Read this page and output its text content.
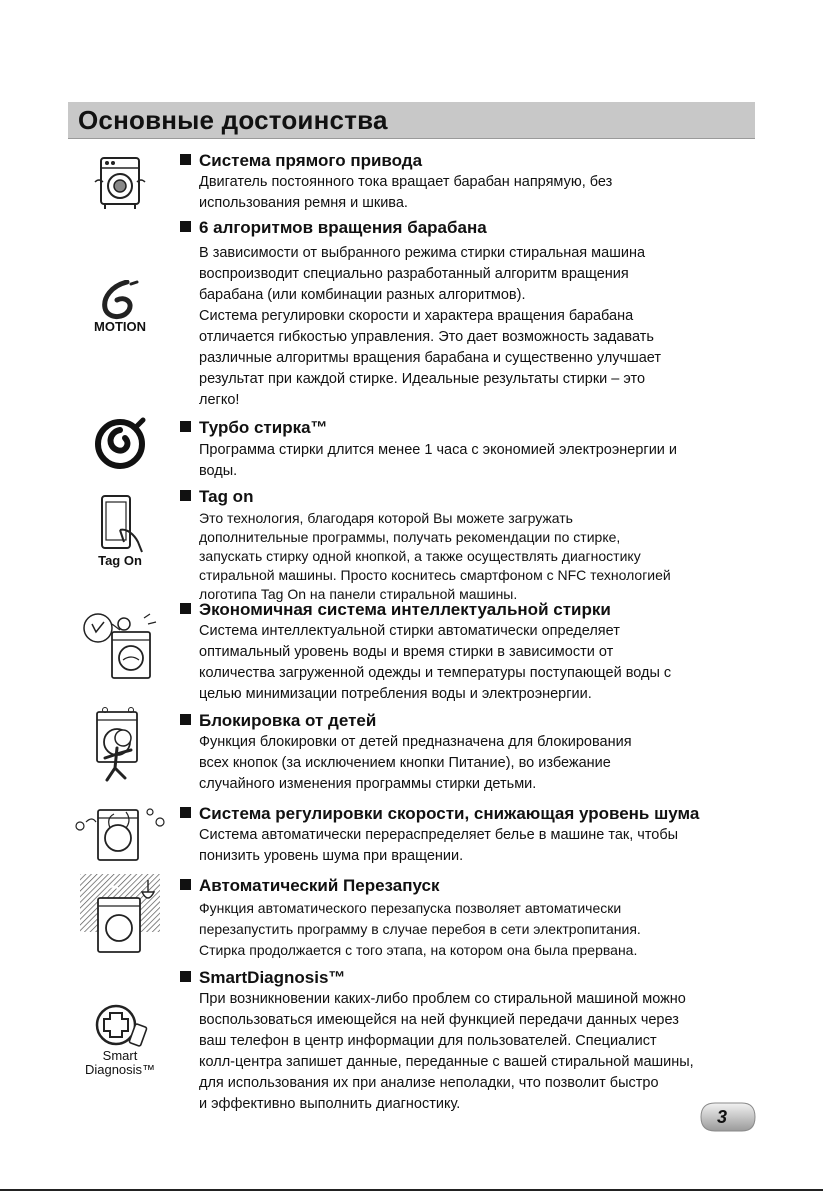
Основные достоинства

Система прямого привода

Двигатель постоянного тока вращает барабан напрямую, без
использования ремня и шкива.

6 алгоритмов вращения барабана

MOTION

В зависимости от выбранного режима стирки стиральная машина
воспроизводит специально разработанный алгоритм вращения
барабана (или комбинации разных алгоритмов).
Система регулировки скорости и характера вращения барабана
отличается гибкостью управления. Это дает возможность задавать
различные алгоритмы вращения барабана и существенно улучшает
результат при каждой стирке. Идеальные результаты стирки – это
легко!

Турбо стирка™

Программа стирки длится менее 1 часа с экономией электроэнергии и
воды.

Tag On

Tag on

Это технология, благодаря которой Вы можете загружать
дополнительные программы, получать рекомендации по стирке,
запускать стирку одной кнопкой, а также осуществлять диагностику
стиральной машины. Просто коснитесь смартфоном с NFC технологией
логотипа Tag On на панели стиральной машины.

Экономичная система интеллектуальной стирки

Система интеллектуальной стирки автоматически определяет
оптимальный уровень воды и время стирки в зависимости от
количества загруженной одежды и температуры поступающей воды с
целью минимизации потребления воды и электроэнергии.

Блокировка от детей

Функция блокировки от детей предназначена для блокирования
всех кнопок (за исключением кнопки Питание), во избежание
случайного изменения программы стирки детьми.

Система регулировки скорости, снижающая уровень шума

Система автоматически перераспределяет белье в машине так, чтобы
понизить уровень шума при вращении.

Автоматический Перезапуск

Функция автоматического перезапуска позволяет автоматически
перезапустить программу в случае перебоя в сети электропитания.
Стирка продолжается с того этапа, на котором она была прервана.

Smart
Diagnosis™

SmartDiagnosis™

При возникновении каких-либо проблем со стиральной машиной можно
воспользоваться имеющейся на ней функцией передачи данных через
ваш телефон в центр информации для пользователей. Специалист
колл-центра запишет данные, переданные с вашей стиральной машины,
для использования их при анализе неполадки, что позволит быстро
и эффективно выполнить диагностику.

3
